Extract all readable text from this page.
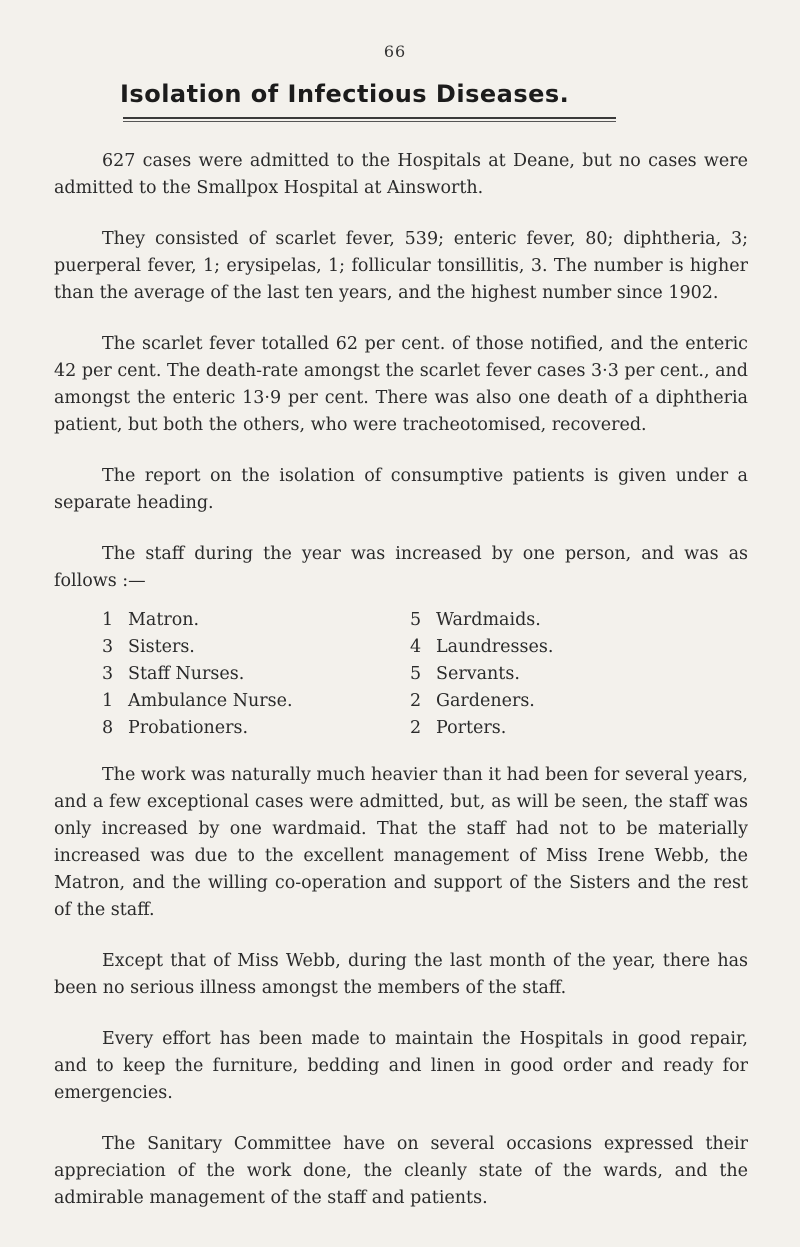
66
Isolation of Infectious Diseases.

627 cases were admitted to the Hospitals at Deane, but no cases were admitted to the Smallpox Hospital at Ainsworth.

They consisted of scarlet fever, 539; enteric fever, 80; diphtheria, 3; puerperal fever, 1; erysipelas, 1; follicular tonsillitis, 3. The number is higher than the average of the last ten years, and the highest number since 1902.

The scarlet fever totalled 62 per cent. of those notified, and the enteric 42 per cent. The death-rate amongst the scarlet fever cases 3·3 per cent., and amongst the enteric 13·9 per cent. There was also one death of a diphtheria patient, but both the others, who were tracheotomised, recovered.

The report on the isolation of consumptive patients is given under a separate heading.

The staff during the year was increased by one person, and was as follows :—

1 Matron.	5 Wardmaids.
3 Sisters.	4 Laundresses.
3 Staff Nurses.	5 Servants.
1 Ambulance Nurse.	2 Gardeners.
8 Probationers.	2 Porters.

The work was naturally much heavier than it had been for several years, and a few exceptional cases were admitted, but, as will be seen, the staff was only increased by one wardmaid. That the staff had not to be materially increased was due to the excellent management of Miss Irene Webb, the Matron, and the willing co-operation and support of the Sisters and the rest of the staff.

Except that of Miss Webb, during the last month of the year, there has been no serious illness amongst the members of the staff.

Every effort has been made to maintain the Hospitals in good repair, and to keep the furniture, bedding and linen in good order and ready for emergencies.

The Sanitary Committee have on several occasions expressed their appreciation of the work done, the cleanly state of the wards, and the admirable management of the staff and patients.
